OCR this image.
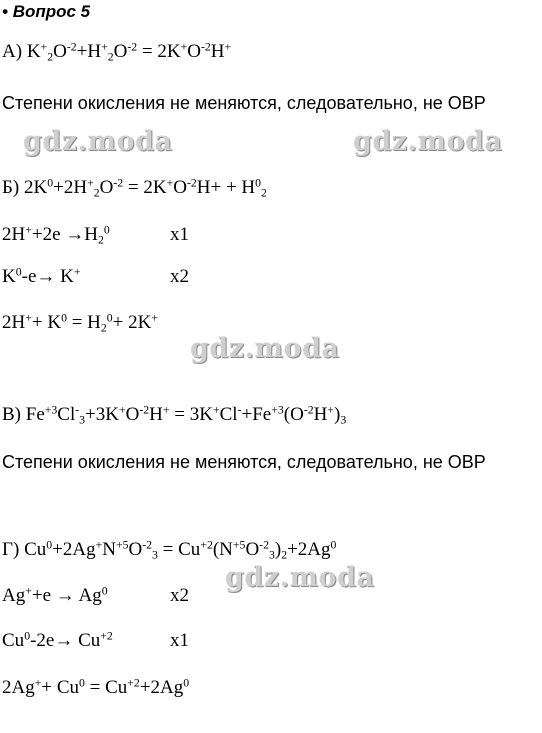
• Вопрос 5
А) $K^+_2O^{-2}+H^+_2O^{-2} = 2K^+O^{-2}H^+$
Степени окисления не меняются, следовательно, не ОВР
gdz.moda	gdz.moda
Б) $2K^0+2H^+_2O^{-2} = 2K^+O^{-2}H+ + H^0_2$
$2H^++2e \to H_2^0$	x1
$K^0-e\to K^+$	x2
$2H^++ K^0 = H_2^0+ 2K^+$
gdz.moda
В) $Fe^{+3}Cl^-_3+3K^+O^{-2}H^+ = 3K^+Cl^-+Fe^{+3}(O^{-2}H^+)_3$
Степени окисления не меняются, следовательно, не ОВР
Г) $Cu^0+2Ag^+N^{+5}O^{-2}_3 = Cu^{+2}(N^{+5}O^{-2}_3)_2+2Ag^0$
gdz.moda
$Ag^++e \to Ag^0$	x2
$Cu^0-2e\to Cu^{+2}$	x1
$2Ag^++ Cu^0 = Cu^{+2}+2Ag^0$
